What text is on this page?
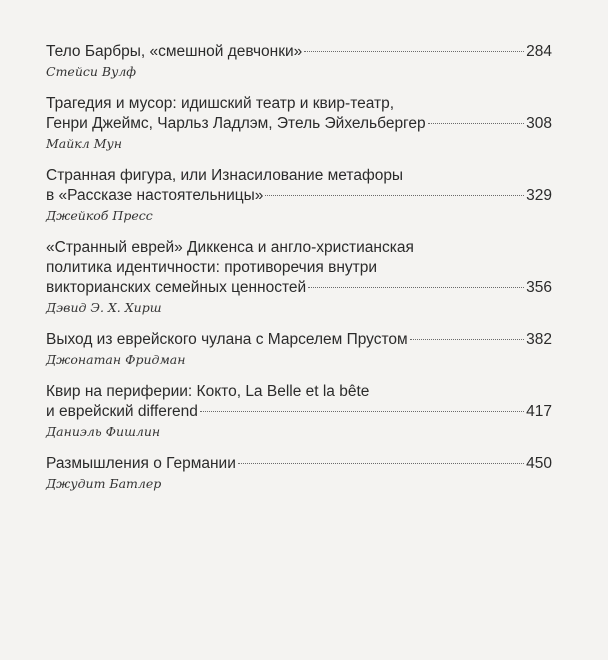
Тело Барбры, «смешной девчонки»	284
Стейси Вулф
Трагедия и мусор: идишский театр и квир-театр,
Генри Джеймс, Чарльз Ладлэм, Этель Эйхельбергер	308
Майкл Мун
Странная фигура, или Изнасилование метафоры
в «Рассказе настоятельницы»	329
Джейкоб Пресс
«Странный еврей» Диккенса и англо-христианская
политика идентичности: противоречия внутри
викторианских семейных ценностей	356
Дэвид Э. Х. Хирш
Выход из еврейского чулана с Марселем Прустом	382
Джонатан Фридман
Квир на периферии: Кокто, La Belle et la bête
и еврейский differend	417
Даниэль Фишлин
Размышления о Германии	450
Джудит Батлер
